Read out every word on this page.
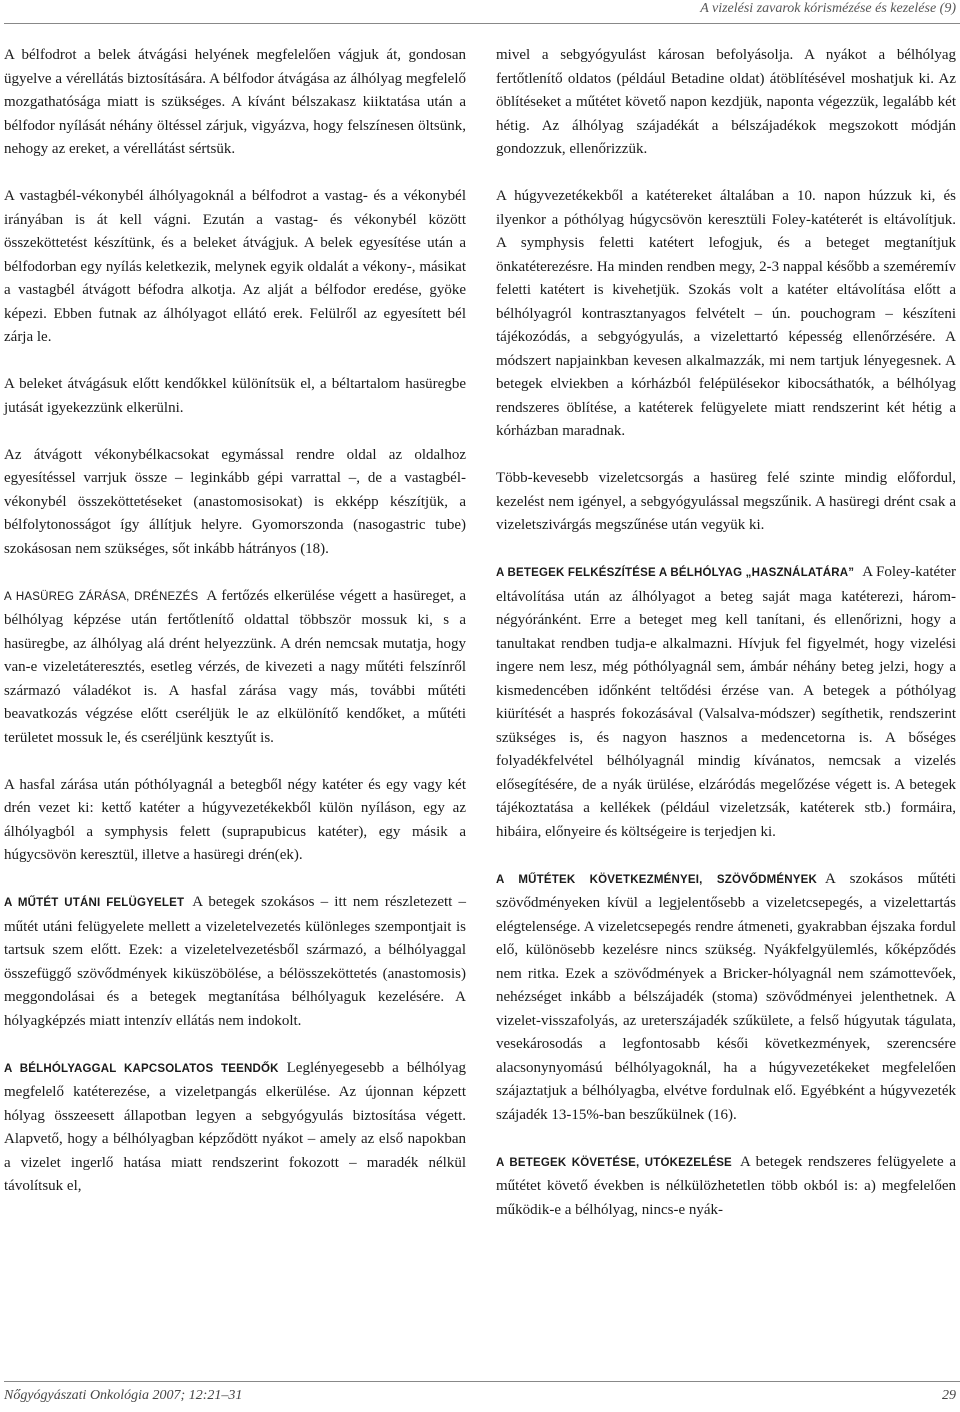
A vizelési zavarok kórismézése és kezelése (9)

A bélfodrot a belek átvágási helyének megfelelően vágjuk át, gondosan ügyelve a vérellátás biztosítására. A bélfodor átvágása az álhólyag megfelelő mozgathatósága miatt is szükséges. A kívánt bélszakasz kiiktatása után a bélfodor nyílását néhány öltéssel zárjuk, vigyázva, hogy felszínesen öltsünk, nehogy az ereket, a vérellátást sértsük.

A vastagbél-vékonybél álhólyagoknál a bélfodrot a vastag- és a vékonybél irányában is át kell vágni. Ezután a vastag- és vékonybél között összeköttetést készítünk, és a beleket átvágjuk. A belek egyesítése után a bélfodorban egy nyílás keletkezik, melynek egyik oldalát a vékony-, másikat a vastagbél átvágott béfodra alkotja. Az alját a bélfodor eredése, gyöke képezi. Ebben futnak az álhólyagot ellátó erek. Felülről az egyesített bél zárja le.

A beleket átvágásuk előtt kendőkkel különítsük el, a béltartalom hasüregbe jutását igyekezzünk elkerülni.

Az átvágott vékonybélkacsokat egymással rendre oldal az oldalhoz egyesítéssel varrjuk össze – leginkább gépi varrattal –, de a vastagbél-vékonybél összeköttetéseket (anastomosisokat) is ekképp készítjük, a bélfolytonosságot így állítjuk helyre. Gyomorszonda (nasogastric tube) szokásosan nem szükséges, sőt inkább hátrányos (18).

A HASÜREG ZÁRÁSA, DRÉNEZÉS A fertőzés elkerülése végett a hasüreget, a bélhólyag képzése után fertőtlenítő oldattal többször mossuk ki, s a hasüregbe, az álhólyag alá drént helyezzünk. A drén nemcsak mutatja, hogy van-e vizeletáteresztés, esetleg vérzés, de kivezeti a nagy műtéti felszínről származó váladékot is. A hasfal zárása vagy más, további műtéti beavatkozás végzése előtt cseréljük le az elkülönítő kendőket, a műtéti területet mossuk le, és cseréljünk kesztyűt is.

A hasfal zárása után póthólyagnál a betegből négy katéter és egy vagy két drén vezet ki: kettő katéter a húgyvezetékekből külön nyíláson, egy az álhólyagból a symphysis felett (suprapubicus katéter), egy másik a húgycsövön keresztül, illetve a hasüregi drén(ek).

A MŰTÉT UTÁNI FELÜGYELET A betegek szokásos – itt nem részletezett – műtét utáni felügyelete mellett a vizeletelvezetés különleges szempontjait is tartsuk szem előtt. Ezek: a vizeletelvezetésből származó, a bélhólyaggal összefüggő szövődmények kiküszöbölése, a bélösszeköttetés (anastomosis) meggondolásai és a betegek megtanítása bélhólyaguk kezelésére. A hólyagképzés miatt intenzív ellátás nem indokolt.

A BÉLHÓLYAGGAL KAPCSOLATOS TEENDŐK Leglényegesebb a bélhólyag megfelelő katéterezése, a vizeletpangás elkerülése. Az újonnan képzett hólyag összeesett állapotban legyen a sebgyógyulás biztosítása végett. Alapvető, hogy a bélhólyagban képződött nyákot – amely az első napokban a vizelet ingerlő hatása miatt rendszerint fokozott – maradék nélkül távolítsuk el,

mivel a sebgyógyulást károsan befolyásolja. A nyákot a bélhólyag fertőtlenítő oldatos (például Betadine oldat) átöblítésével moshatjuk ki. Az öblítéseket a műtétet követő napon kezdjük, naponta végezzük, legalább két hétig. Az álhólyag szájadékát a bélszájadékok megszokott módján gondozzuk, ellenőrizzük.

A húgyvezetékekből a katétereket általában a 10. napon húzzuk ki, és ilyenkor a póthólyag húgycsövön keresztüli Foley-katéterét is eltávolítjuk. A symphysis feletti katétert lefogjuk, és a beteget megtanítjuk önkatéterezésre. Ha minden rendben megy, 2-3 nappal később a szeméremív feletti katétert is kivehetjük. Szokás volt a katéter eltávolítása előtt a bélhólyagról kontrasztanyagos felvételt – ún. pouchogram – készíteni tájékozódás, a sebgyógyulás, a vizelettartó képesség ellenőrzésére. A módszert napjainkban kevesen alkalmazzák, mi nem tartjuk lényegesnek. A betegek elviekben a kórházból felépülésekor kibocsáthatók, a bélhólyag rendszeres öblítése, a katéterek felügyelete miatt rendszerint két hétig a kórházban maradnak.

Több-kevesebb vizeletcsorgás a hasüreg felé szinte mindig előfordul, kezelést nem igényel, a sebgyógyulással megszűnik. A hasüregi drént csak a vizeletszivárgás megszűnése után vegyük ki.

A BETEGEK FELKÉSZÍTÉSE A BÉLHÓLYAG „HASZNÁLATÁRA” A Foley-katéter eltávolítása után az álhólyagot a beteg saját maga katéterezi, három-négyóránként. Erre a beteget meg kell tanítani, és ellenőrizni, hogy a tanultakat rendben tudja-e alkalmazni. Hívjuk fel figyelmét, hogy vizelési ingere nem lesz, még póthólyagnál sem, ámbár néhány beteg jelzi, hogy a kismedencében időnként teltődési érzése van. A betegek a póthólyag kiürítését a hasprés fokozásával (Valsalva-módszer) segíthetik, rendszerint szükséges is, és nagyon hasznos a medencetorna is. A bőséges folyadékfelvétel bélhólyagnál mindig kívánatos, nemcsak a vizelés elősegítésére, de a nyák ürülése, elzáródás megelőzése végett is. A betegek tájékoztatása a kellékek (például vizeletzsák, katéterek stb.) formáira, hibáira, előnyeire és költségeire is terjedjen ki.

A MŰTÉTEK KÖVETKEZMÉNYEI, SZÖVŐDMÉNYEK A szokásos műtéti szövődményeken kívül a legjelentősebb a vizeletcsepegés, a vizelettartás elégtelensége. A vizeletcsepegés rendre átmeneti, gyakrabban éjszaka fordul elő, különösebb kezelésre nincs szükség. Nyákfelgyülemlés, kőképződés nem ritka. Ezek a szövődmények a Bricker-hólyagnál nem számottevőek, nehézséget inkább a bélszájadék (stoma) szövődményei jelenthetnek. A vizelet-visszafolyás, az ureterszájadék szűkülete, a felső húgyutak tágulata, vesekárosodás a legfontosabb késői következmények, szerencsére alacsonynyomású bélhólyagoknál, ha a húgyvezetékeket megfelelően szájaztatjuk a bélhólyagba, elvétve fordulnak elő. Egyébként a húgyvezeték szájadék 13-15%-ban beszűkülnek (16).

A BETEGEK KÖVETÉSE, UTÓKEZELÉSE A betegek rendszeres felügyelete a műtétet követő években is nélkülözhetetlen több okból is: a) megfelelően működik-e a bélhólyag, nincs-e nyák-

Nőgyógyászati Onkológia 2007; 12:21–31	29
